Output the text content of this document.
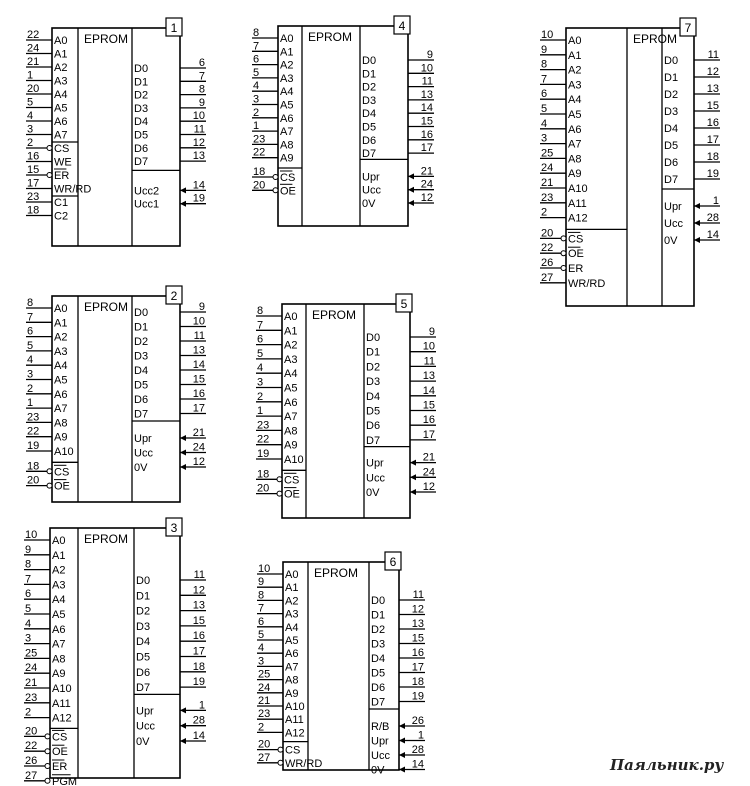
Паяльник.ру
EPROM
1
22 A0
24 A1
21 A2
1 A3
20 A4
5 A5
4 A6
3 A7
2 CS
16 WE
15 ER
17 WR/RD
23 C1
18 C2
6
D0
7
D1
8
D2
9
D3
10
D4
11
D5
12
D6
13
D7
14
Ucc2
19
Ucc1
EPROM
2
8 A0
7 A1
6 A2
5 A3
4 A4
3 A5
2 A6
1 A7
23 A8
22 A9
19 A10
18 CS
20 OE
9
D0
10
D1
11
D2
13
D3
14
D4
15
D5
16
D6
17
D7
21
Upr
24
Ucc
12
0V
EPROM
3
10 A0
9 A1
8 A2
7 A3
6 A4
5 A5
4 A6
3 A7
25 A8
24 A9
21 A10
23 A11
2 A12
20 CS
22 OE
26 ER
27 PGM
11
D0
12
D1
13
D2
15
D3
16
D4
17
D5
18
D6
19
D7
1
Upr
28
Ucc
14
0V
EPROM
4
8 A0
7 A1
6 A2
5 A3
4 A4
3 A5
2 A6
1 A7
23 A8
22 A9
18 CS
20 OE
9
D0
10
D1
11
D2
13
D3
14
D4
15
D5
16
D6
17
D7
21
Upr
24
Ucc
12
0V
EPROM
5
8 A0
7 A1
6 A2
5 A3
4 A4
3 A5
2 A6
1 A7
23 A8
22 A9
19 A10
18 CS
20 OE
9
D0
10
D1
11
D2
13
D3
14
D4
15
D5
16
D6
17
D7
21
Upr
24
Ucc
12
0V
EPROM
6
10 A0
9 A1
8 A2
7 A3
6 A4
5 A5
4 A6
3 A7
25 A8
24 A9
21 A10
23 A11
2 A12
20 CS
27 WR/RD
11
D0
12
D1
13
D2
15
D3
16
D4
17
D5
18
D6
19
D7
26
R/B
1
Upr
28
Ucc
14
0V
EPROM
7
10 A0
9 A1
8 A2
7 A3
6 A4
5 A5
4 A6
3 A7
25 A8
24 A9
21 A10
23 A11
2 A12
20 CS
22
OE
26 ER
27 WR/RD
11
D0
12
D1
13
D2
15
D3
16
D4
17
D5
18
D6
19
D7
1
Upr
28
Ucc
14
0V
